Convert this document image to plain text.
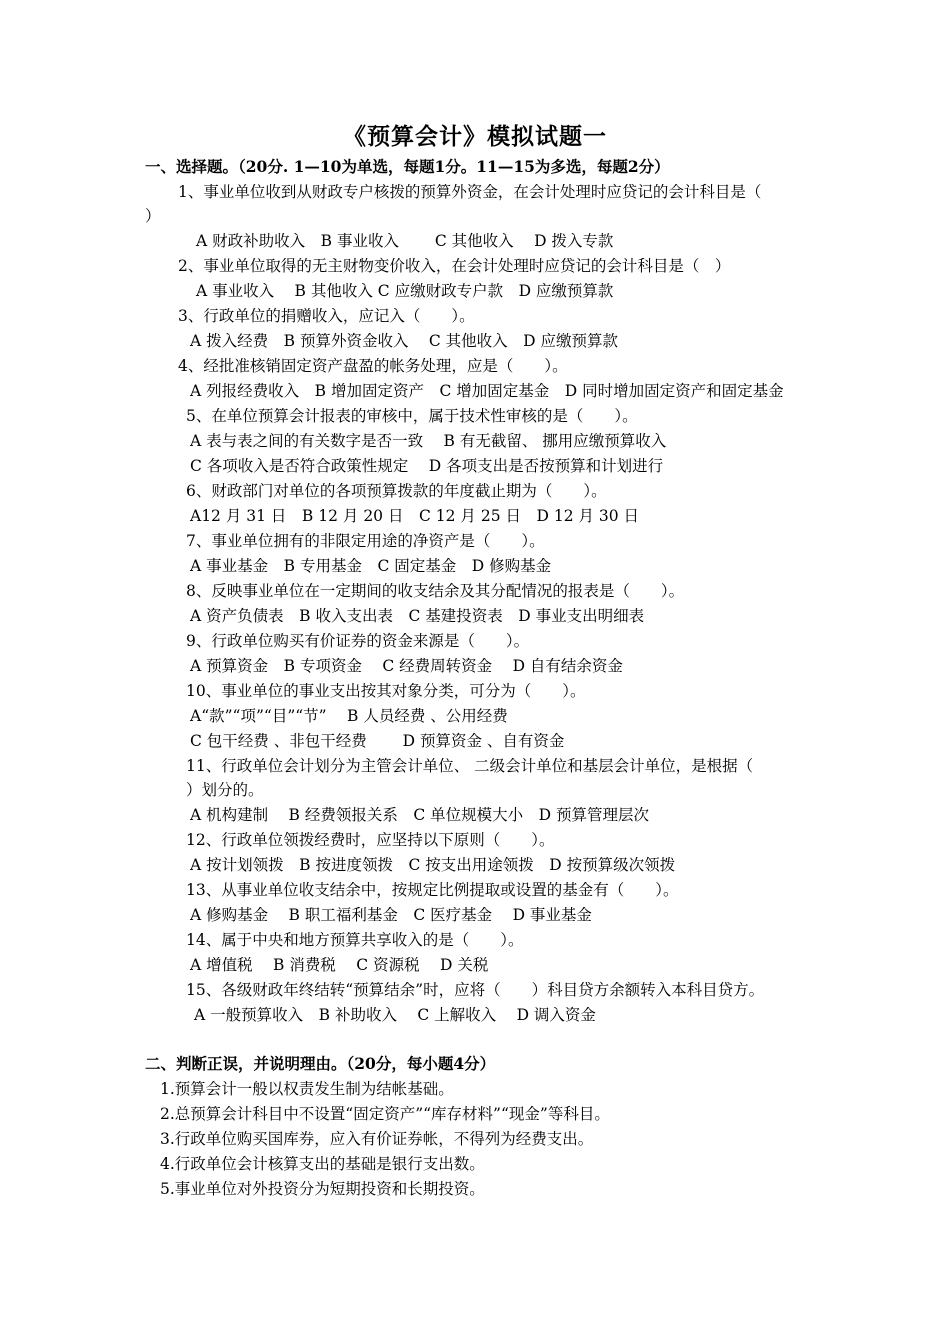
《预算会计》模拟试题一
一、选择题。（20分. 1—10为单选，每题1分。11—15为多选，每题2分）
1、事业单位收到从财政专户核拨的预算外资金，在会计处理时应贷记的会计科目是（
）
A 财政补助收入　B 事业收入　　 C 其他收入　 D 拨入专款
2、事业单位取得的无主财物变价收入，在会计处理时应贷记的会计科目是（　）
A 事业收入　 B 其他收入 C 应缴财政专户款　D 应缴预算款
3、行政单位的捐赠收入，应记入（　　）。
A 拨入经费　B 预算外资金收入　 C 其他收入　D 应缴预算款
4、经批准核销固定资产盘盈的帐务处理，应是（　　）。
A 列报经费收入　B 增加固定资产　C 增加固定基金　D 同时增加固定资产和固定基金
5、在单位预算会计报表的审核中，属于技术性审核的是（　　）。
A 表与表之间的有关数字是否一致　 B 有无截留、 挪用应缴预算收入
C 各项收入是否符合政策性规定　 D 各项支出是否按预算和计划进行
6、财政部门对单位的各项预算拨款的年度截止期为（　　）。
A12 月 31 日　B 12 月 20 日　C 12 月 25 日　D 12 月 30 日
7、事业单位拥有的非限定用途的净资产是（　　）。
A 事业基金　B 专用基金　C 固定基金　D 修购基金
8、反映事业单位在一定期间的收支结余及其分配情况的报表是（　　）。
A 资产负债表　B 收入支出表　C 基建投资表　D 事业支出明细表
9、行政单位购买有价证券的资金来源是（　　）。
A 预算资金　B 专项资金　 C 经费周转资金　 D 自有结余资金
10、事业单位的事业支出按其对象分类，可分为（　　）。
A“款”“项”“目”“节”　 B 人员经费 、公用经费
C 包干经费 、非包干经费　　 D 预算资金 、自有资金
11、行政单位会计划分为主管会计单位、 二级会计单位和基层会计单位，是根据（
）划分的。
A 机构建制　 B 经费领报关系　C 单位规模大小　D 预算管理层次
12、行政单位领拨经费时，应坚持以下原则（　　）。
A 按计划领拨　B 按进度领拨　C 按支出用途领拨　D 按预算级次领拨
13、从事业单位收支结余中，按规定比例提取或设置的基金有（　　）。
A 修购基金　 B 职工福利基金　C 医疗基金　 D 事业基金
14、属于中央和地方预算共享收入的是（　　）。
A 增值税　 B 消费税　 C 资源税　 D 关税
15、各级财政年终结转“预算结余”时，应将（　　）科目贷方余额转入本科目贷方。
A 一般预算收入　B 补助收入　 C 上解收入　 D 调入资金
二、判断正误，并说明理由。（20分，每小题4分）
1.预算会计一般以权责发生制为结帐基础。
2.总预算会计科目中不设置“固定资产”“库存材料”“现金”等科目。
3.行政单位购买国库券，应入有价证券帐，不得列为经费支出。
4.行政单位会计核算支出的基础是银行支出数。
5.事业单位对外投资分为短期投资和长期投资。
